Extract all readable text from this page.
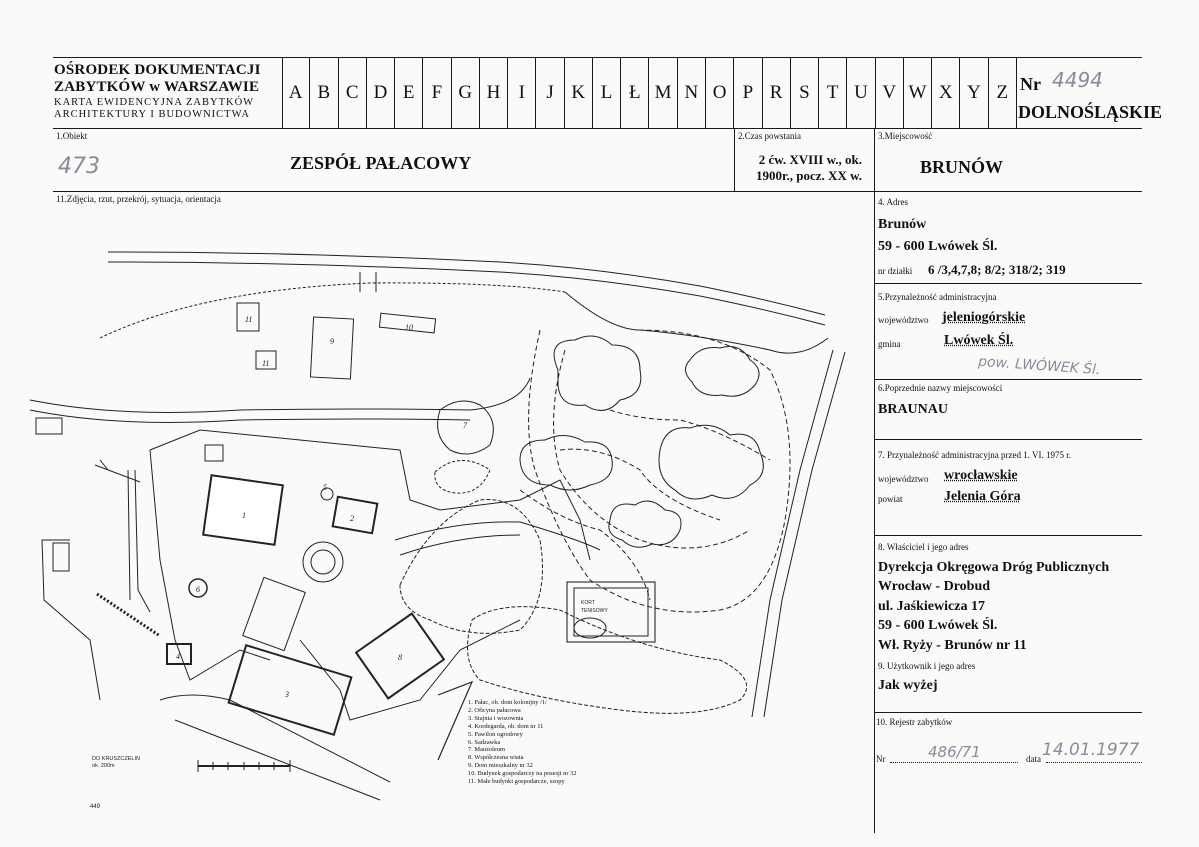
OŚRODEK DOKUMENTACJI
ZABYTKÓW w WARSZAWIE
KARTA EWIDENCYJNA ZABYTKÓW
ARCHITEKTURY I BUDOWNICTWA
A B C D E F G H I	J K L Ł M N O P R S T U V W X Y Z Nr 4494
DOLNOŚLĄSKIE
1.Obiekt
473	ZESPÓŁ PAŁACOWY
2.Czas powstania
2 ćw. XVIII w., ok.
1900r., pocz. XX w.
3.Miejscowość
BRUNÓW
11.Zdjęcia, rzut, przekrój, sytuacja, orientacja	4. Adres
Brunów
59 - 600 Lwówek Śl.
nr działki 6 /3,4,7,8; 8/2; 318/2; 319
5.Przynależność administracyjna
województwo jeleniogórskie
gmina	Lwówek Śl.
pow. LWÓWEK Śl.
6.Poprzednie nazwy miejscowości
BRAUNAU
7. Przynależność administracyjna przed 1. VI. 1975 r.
województwo wrocławskie
powiat	Jelenia Góra
8. Właściciel i jego adres
Dyrekcja Okręgowa Dróg Publicznych
Wrocław - Drobud
ul. Jaśkiewicza 17
59 - 600 Lwówek Śl.
Wł. Ryży - Brunów nr 11
9. Użytkownik i jego adres
Jak wyżej
10. Rejestr zabytków
Nr	486/71	data 14.01.1977
11
9
10
11
1	2
3
4
5
6
7
8
DO KRUSZCZELIN
ok. 200m
449
KORT
TENISOWY
1. Pałac, ob. dom kolonijny /1/
2. Oficyna pałacowa
3. Stajnia i wozownia
4. Kordegarda, ob. dom nr 11
5. Pawilon ogrodowy
6. Sadzawka
7. Mauzoleum
8. Współczesna wiata
9. Dom mieszkalny nr 32
10. Budynek gospodarczy na posesji nr 32
11. Małe budynki gospodarcze, szopy
